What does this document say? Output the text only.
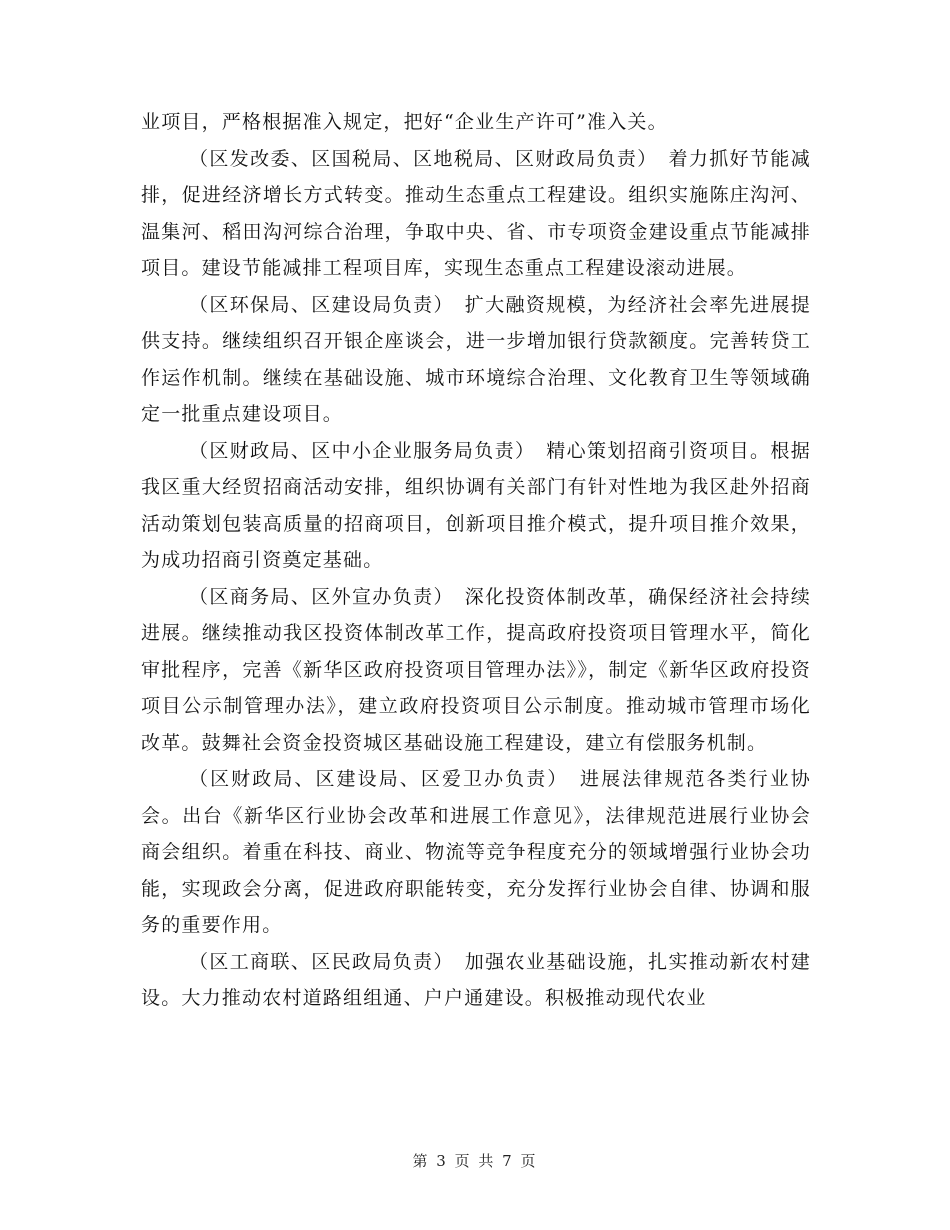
业项目，严格根据准入规定，把好“企业生产许可”准入关。

（区发改委、区国税局、区地税局、区财政局负责）　着力抓好节能减排，促进经济增长方式转变。推动生态重点工程建设。组织实施陈庄沟河、温集河、稻田沟河综合治理，争取中央、省、市专项资金建设重点节能减排项目。建设节能减排工程项目库，实现生态重点工程建设滚动进展。

（区环保局、区建设局负责）　扩大融资规模，为经济社会率先进展提供支持。继续组织召开银企座谈会，进一步增加银行贷款额度。完善转贷工作运作机制。继续在基础设施、城市环境综合治理、文化教育卫生等领域确定一批重点建设项目。

（区财政局、区中小企业服务局负责）　精心策划招商引资项目。根据我区重大经贸招商活动安排，组织协调有关部门有针对性地为我区赴外招商活动策划包装高质量的招商项目，创新项目推介模式，提升项目推介效果，为成功招商引资奠定基础。

（区商务局、区外宣办负责）　深化投资体制改革，确保经济社会持续进展。继续推动我区投资体制改革工作，提高政府投资项目管理水平，简化审批程序，完善《新华区政府投资项目管理办法》》，制定《新华区政府投资项目公示制管理办法》，建立政府投资项目公示制度。推动城市管理市场化改革。鼓舞社会资金投资城区基础设施工程建设，建立有偿服务机制。

（区财政局、区建设局、区爱卫办负责）　进展法律规范各类行业协会。出台《新华区行业协会改革和进展工作意见》，法律规范进展行业协会商会组织。着重在科技、商业、物流等竞争程度充分的领域增强行业协会功能，实现政会分离，促进政府职能转变，充分发挥行业协会自律、协调和服务的重要作用。

（区工商联、区民政局负责）　加强农业基础设施，扎实推动新农村建设。大力推动农村道路组组通、户户通建设。积极推动现代农业

第 3 页 共 7 页
